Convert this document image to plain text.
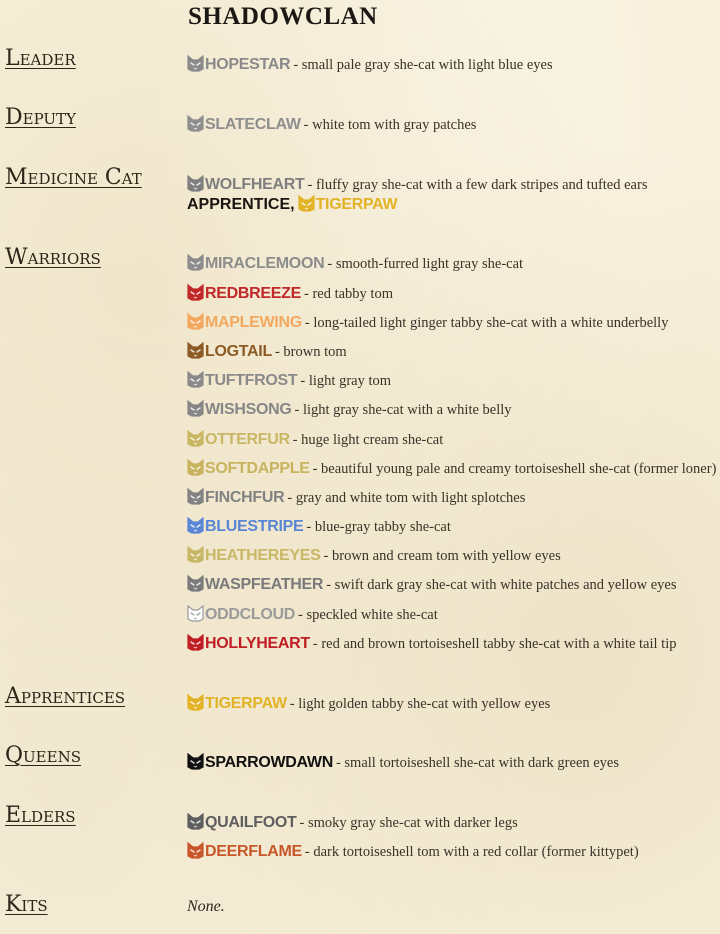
SHADOWCLAN
Leader
Deputy
Medicine Cat
Warriors
Apprentices
Queens
Elders
Kits
HOPESTAR - small pale gray she-cat with light blue eyes
SLATECLAW - white tom with gray patches
WOLFHEART - fluffy gray she-cat with a few dark stripes and tufted ears
APPRENTICE, TIGERPAW
MIRACLEMOON - smooth-furred light gray she-cat
REDBREEZE - red tabby tom
MAPLEWING - long-tailed light ginger tabby she-cat with a white underbelly
LOGTAIL - brown tom
TUFTFROST - light gray tom
WISHSONG - light gray she-cat with a white belly
OTTERFUR - huge light cream she-cat
SOFTDAPPLE - beautiful young pale and creamy tortoiseshell she-cat (former loner)
FINCHFUR - gray and white tom with light splotches
BLUESTRIPE - blue-gray tabby she-cat
HEATHEREYES - brown and cream tom with yellow eyes
WASPFEATHER - swift dark gray she-cat with white patches and yellow eyes
ODDCLOUD - speckled white she-cat
HOLLYHEART - red and brown tortoiseshell tabby she-cat with a white tail tip
TIGERPAW - light golden tabby she-cat with yellow eyes
SPARROWDAWN - small tortoiseshell she-cat with dark green eyes
QUAILFOOT - smoky gray she-cat with darker legs
DEERFLAME - dark tortoiseshell tom with a red collar (former kittypet)
None.
